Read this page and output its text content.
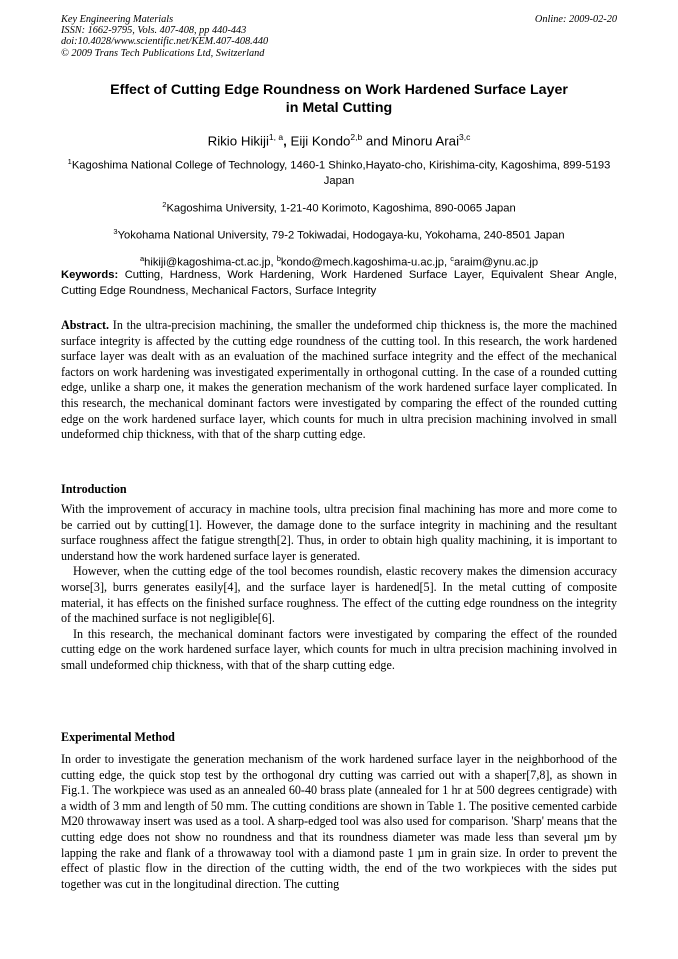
Key Engineering Materials
ISSN: 1662-9795, Vols. 407-408, pp 440-443
doi:10.4028/www.scientific.net/KEM.407-408.440
© 2009 Trans Tech Publications Ltd, Switzerland
Online: 2009-02-20
Effect of Cutting Edge Roundness on Work Hardened Surface Layer
in Metal Cutting
Rikio Hikiji$^{1, a}$, Eiji Kondo$^{2,b}$ and Minoru Arai$^{3,c}$
$^1$Kagoshima National College of Technology, 1460-1 Shinko,Hayato-cho, Kirishima-city, Kagoshima, 899-5193 Japan
$^2$Kagoshima University, 1-21-40 Korimoto, Kagoshima, 890-0065 Japan
$^3$Yokohama National University, 79-2 Tokiwadai, Hodogaya-ku, Yokohama, 240-8501 Japan
$^a$hikiji@kagoshima-ct.ac.jp, $^b$kondo@mech.kagoshima-u.ac.jp, $^c$araim@ynu.ac.jp
Keywords: Cutting, Hardness, Work Hardening, Work Hardened Surface Layer, Equivalent Shear Angle, Cutting Edge Roundness, Mechanical Factors, Surface Integrity
Abstract. In the ultra-precision machining, the smaller the undeformed chip thickness is, the more the machined surface integrity is affected by the cutting edge roundness of the cutting tool. In this research, the work hardened surface layer was dealt with as an evaluation of the machined surface integrity and the effect of the mechanical factors on work hardening was investigated experimentally in orthogonal cutting. In the case of a rounded cutting edge, unlike a sharp one, it makes the generation mechanism of the work hardened surface layer complicated. In this research, the mechanical dominant factors were investigated by comparing the effect of the rounded cutting edge on the work hardened surface layer, which counts for much in ultra precision machining involved in small undeformed chip thickness, with that of the sharp cutting edge.
Introduction

With the improvement of accuracy in machine tools, ultra precision final machining has more and more come to be carried out by cutting[1]. However, the damage done to the surface integrity in machining and the resultant surface roughness affect the fatigue strength[2]. Thus, in order to obtain high quality machining, it is important to understand how the work hardened surface layer is generated.

However, when the cutting edge of the tool becomes roundish, elastic recovery makes the dimension accuracy worse[3], burrs generates easily[4], and the surface layer is hardened[5]. In the metal cutting of composite material, it has effects on the finished surface roughness. The effect of the cutting edge roundness on the integrity of the machined surface is not negligible[6].

In this research, the mechanical dominant factors were investigated by comparing the effect of the rounded cutting edge on the work hardened surface layer, which counts for much in ultra precision machining involved in small undeformed chip thickness, with that of the sharp cutting edge.

Experimental Method

In order to investigate the generation mechanism of the work hardened surface layer in the neighborhood of the cutting edge, the quick stop test by the orthogonal dry cutting was carried out with a shaper[7,8], as shown in Fig.1. The workpiece was used as an annealed 60-40 brass plate (annealed for 1 hr at 500 degrees centigrade) with a width of 3 mm and length of 50 mm. The cutting conditions are shown in Table 1. The positive cemented carbide M20 throwaway insert was used as a tool. A sharp-edged tool was also used for comparison. 'Sharp' means that the cutting edge does not show no roundness and that its roundness diameter was made less than several µm by lapping the rake and flank of a throwaway tool with a diamond paste 1 µm in grain size. In order to prevent the effect of plastic flow in the direction of the cutting width, the end of the two workpieces with the sides put together was cut in the longitudinal direction. The cutting
